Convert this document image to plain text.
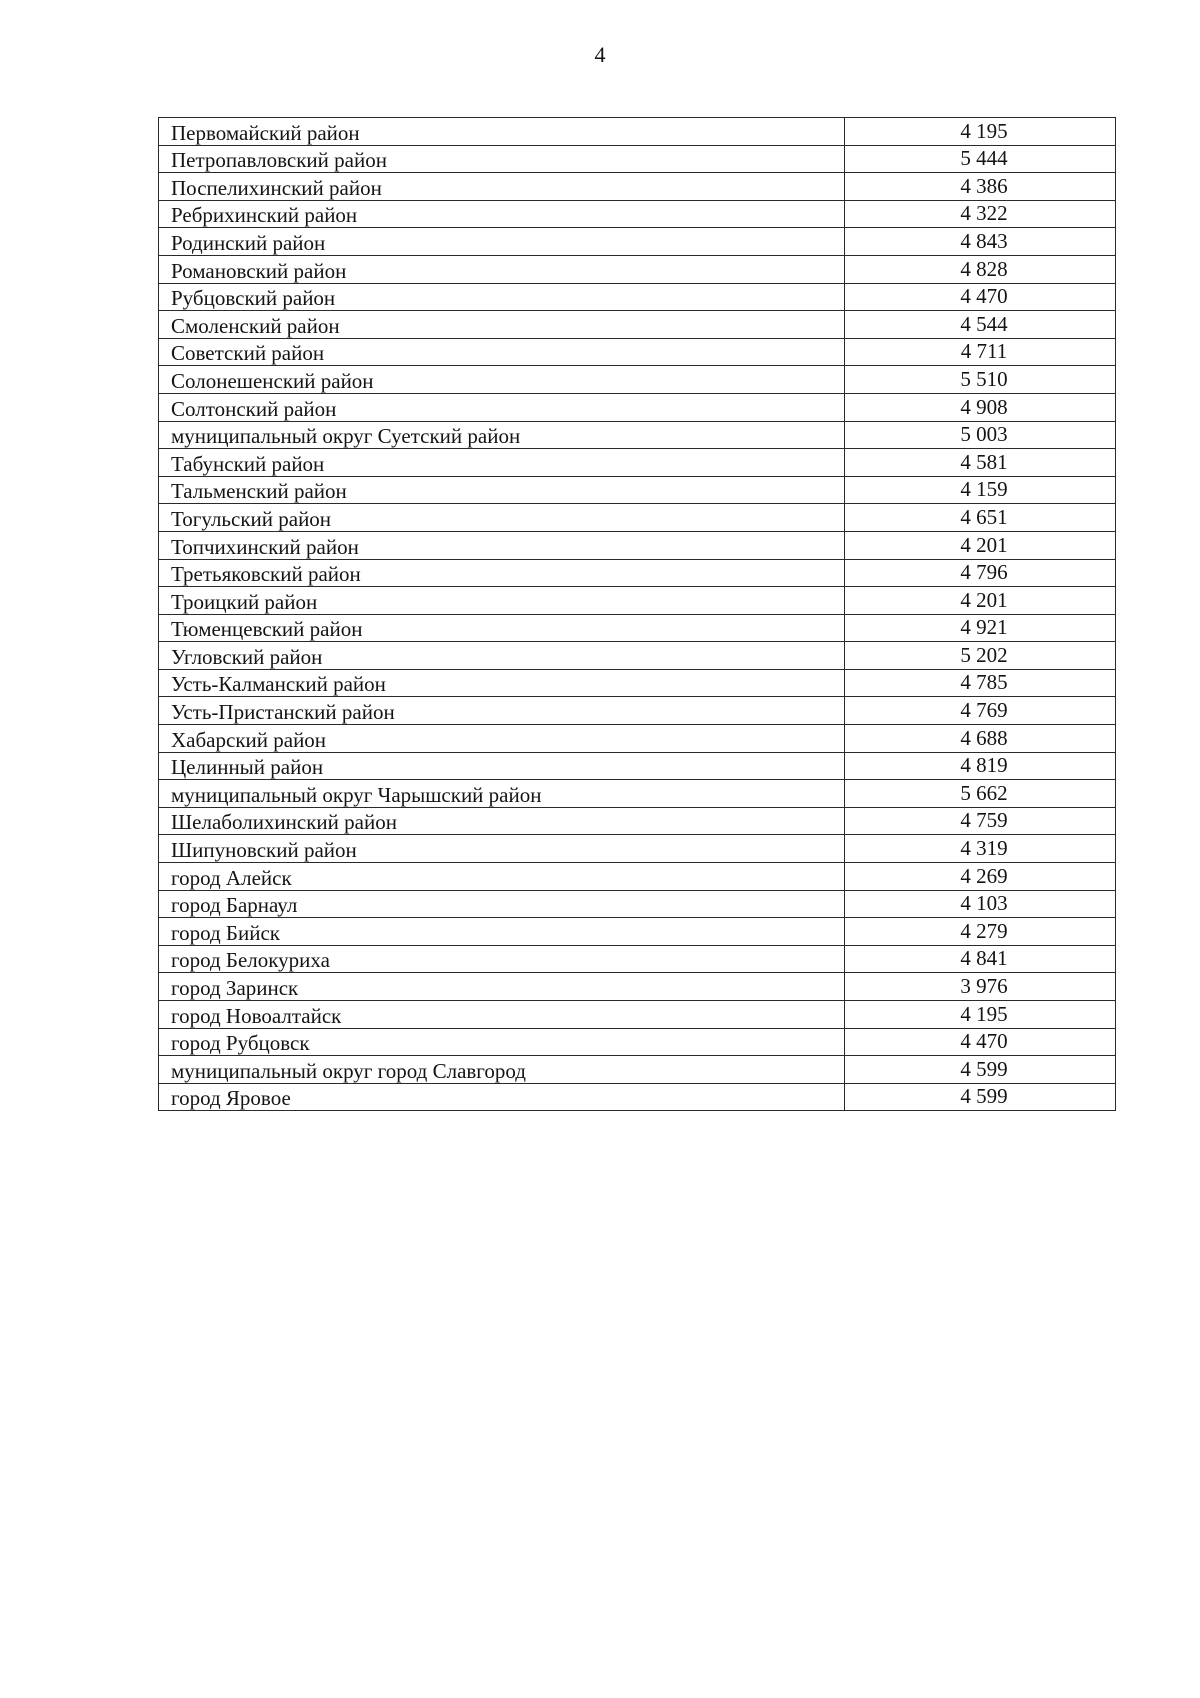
4
Первомайский район	4 195
Петропавловский район	5 444
Поспелихинский район	4 386
Ребрихинский район	4 322
Родинский район	4 843
Романовский район	4 828
Рубцовский район	4 470
Смоленский район	4 544
Советский район	4 711
Солонешенский район	5 510
Солтонский район	4 908
муниципальный округ Суетский район	5 003
Табунский район	4 581
Тальменский район	4 159
Тогульский район	4 651
Топчихинский район	4 201
Третьяковский район	4 796
Троицкий район	4 201
Тюменцевский район	4 921
Угловский район	5 202
Усть-Калманский район	4 785
Усть-Пристанский район	4 769
Хабарский район	4 688
Целинный район	4 819
муниципальный округ Чарышский район	5 662
Шелаболихинский район	4 759
Шипуновский район	4 319
город Алейск	4 269
город Барнаул	4 103
город Бийск	4 279
город Белокуриха	4 841
город Заринск	3 976
город Новоалтайск	4 195
город Рубцовск	4 470
муниципальный округ город Славгород	4 599
город Яровое	4 599
